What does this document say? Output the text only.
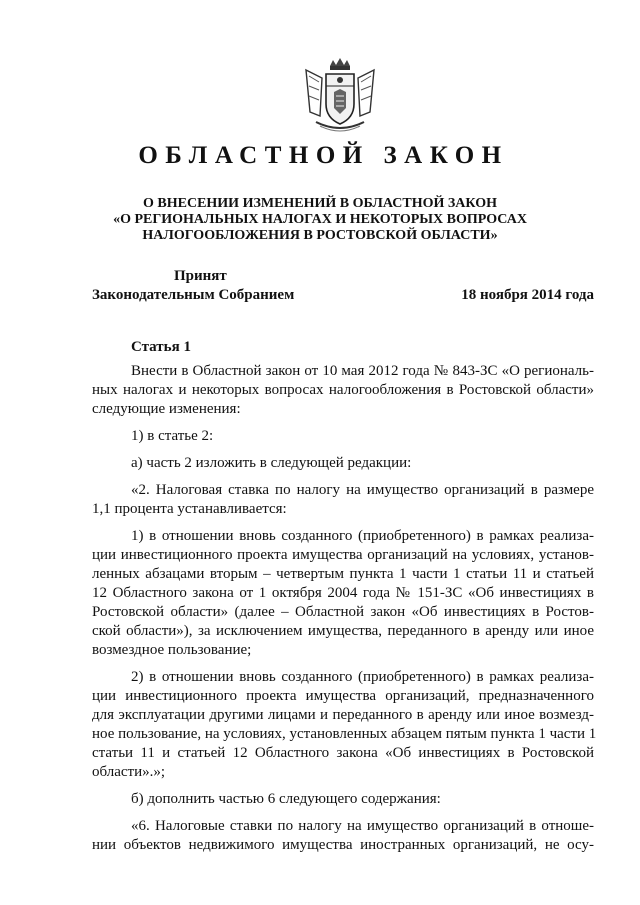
ОБЛАСТНОЙ ЗАКОН
О ВНЕСЕНИИ ИЗМЕНЕНИЙ В ОБЛАСТНОЙ ЗАКОН
«О РЕГИОНАЛЬНЫХ НАЛОГАХ И НЕКОТОРЫХ ВОПРОСАХ
НАЛОГООБЛОЖЕНИЯ В РОСТОВСКОЙ ОБЛАСТИ»
Принят
Законодательным Собранием	18 ноября 2014 года
Статья 1
Внести в Областной закон от 10 мая 2012 года № 843-ЗС «О региональ-
ных налогах и некоторых вопросах налогообложения в Ростовской области»
следующие изменения:
1) в статье 2:
а) часть 2 изложить в следующей редакции:
«2. Налоговая ставка по налогу на имущество организаций в размере
1,1 процента устанавливается:
1) в отношении вновь созданного (приобретенного) в рамках реализа-
ции инвестиционного проекта имущества организаций на условиях, установ-
ленных абзацами вторым – четвертым пункта 1 части 1 статьи 11 и статьей
12 Областного закона от 1 октября 2004 года № 151-ЗС «Об инвестициях в
Ростовской области» (далее – Областной закон «Об инвестициях в Ростов-
ской области»), за исключением имущества, переданного в аренду или иное
возмездное пользование;
2) в отношении вновь созданного (приобретенного) в рамках реализа-
ции инвестиционного проекта имущества организаций, предназначенного
для эксплуатации другими лицами и переданного в аренду или иное возмезд-
ное пользование, на условиях, установленных абзацем пятым пункта 1 части 1
статьи 11 и статьей 12 Областного закона «Об инвестициях в Ростовской
области».»;
б) дополнить частью 6 следующего содержания:
«6. Налоговые ставки по налогу на имущество организаций в отноше-
нии объектов недвижимого имущества иностранных организаций, не осу-
